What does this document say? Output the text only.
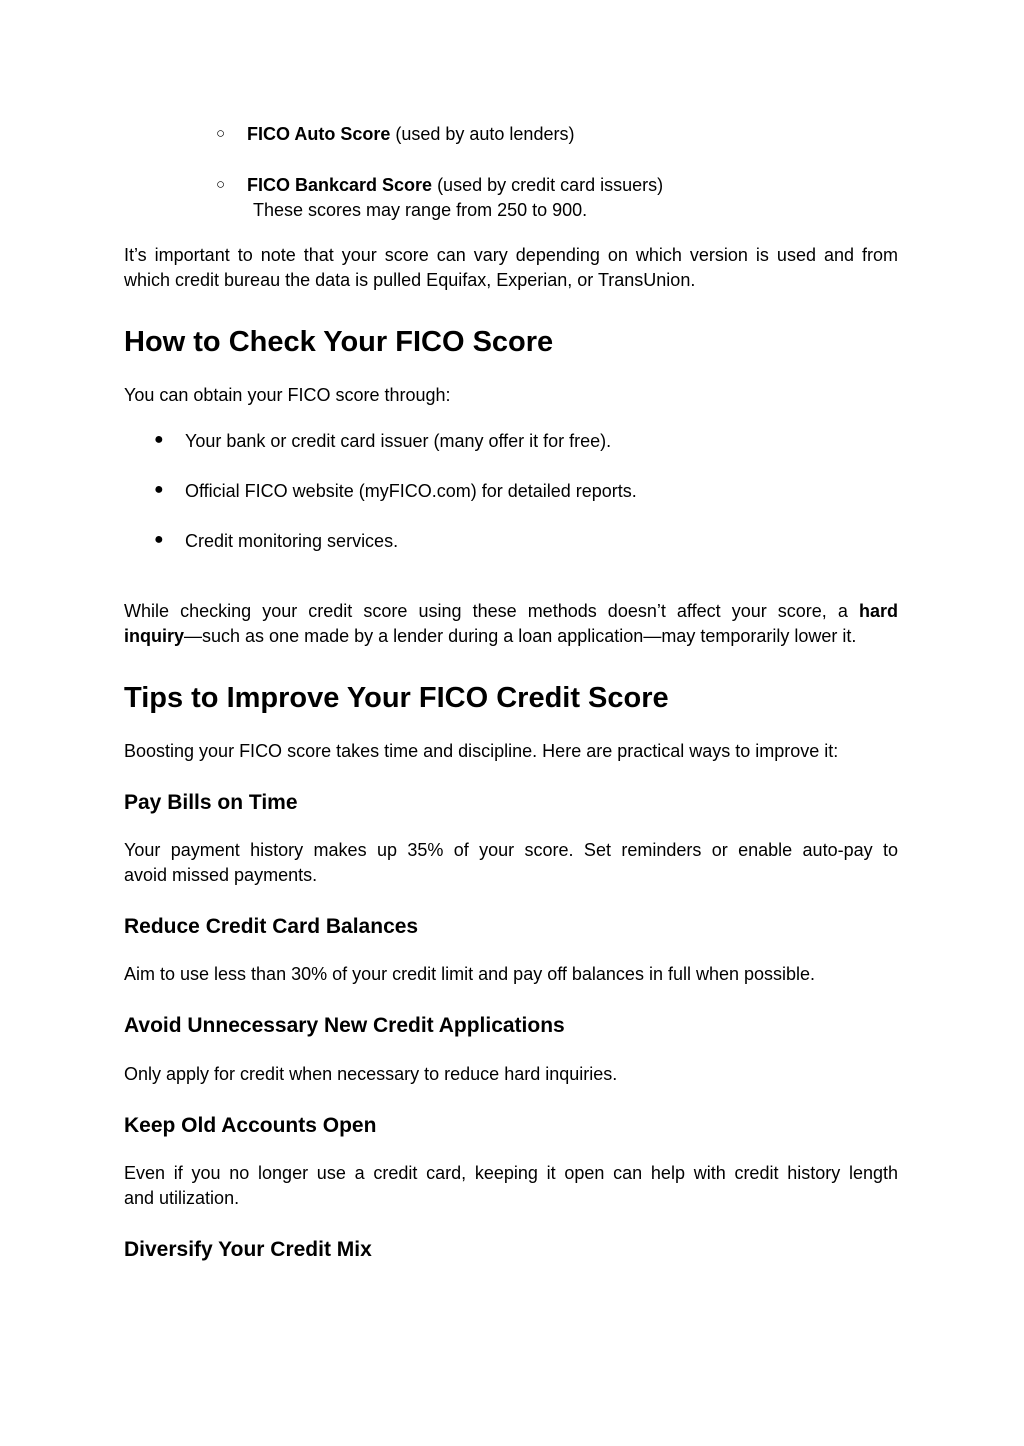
○ FICO Auto Score (used by auto lenders)
○ FICO Bankcard Score (used by credit card issuers)
These scores may range from 250 to 900.
It’s important to note that your score can vary depending on which version is used and from
which credit bureau the data is pulled Equifax, Experian, or TransUnion.
How to Check Your FICO Score
You can obtain your FICO score through:
● Your bank or credit card issuer (many offer it for free).
● Official FICO website (myFICO.com) for detailed reports.
● Credit monitoring services.
While checking your credit score using these methods doesn’t affect your score, a hard
inquiry—such as one made by a lender during a loan application—may temporarily lower it.
Tips to Improve Your FICO Credit Score
Boosting your FICO score takes time and discipline. Here are practical ways to improve it:
Pay Bills on Time
Your payment history makes up 35% of your score. Set reminders or enable auto-pay to
avoid missed payments.
Reduce Credit Card Balances
Aim to use less than 30% of your credit limit and pay off balances in full when possible.
Avoid Unnecessary New Credit Applications
Only apply for credit when necessary to reduce hard inquiries.
Keep Old Accounts Open
Even if you no longer use a credit card, keeping it open can help with credit history length
and utilization.
Diversify Your Credit Mix
